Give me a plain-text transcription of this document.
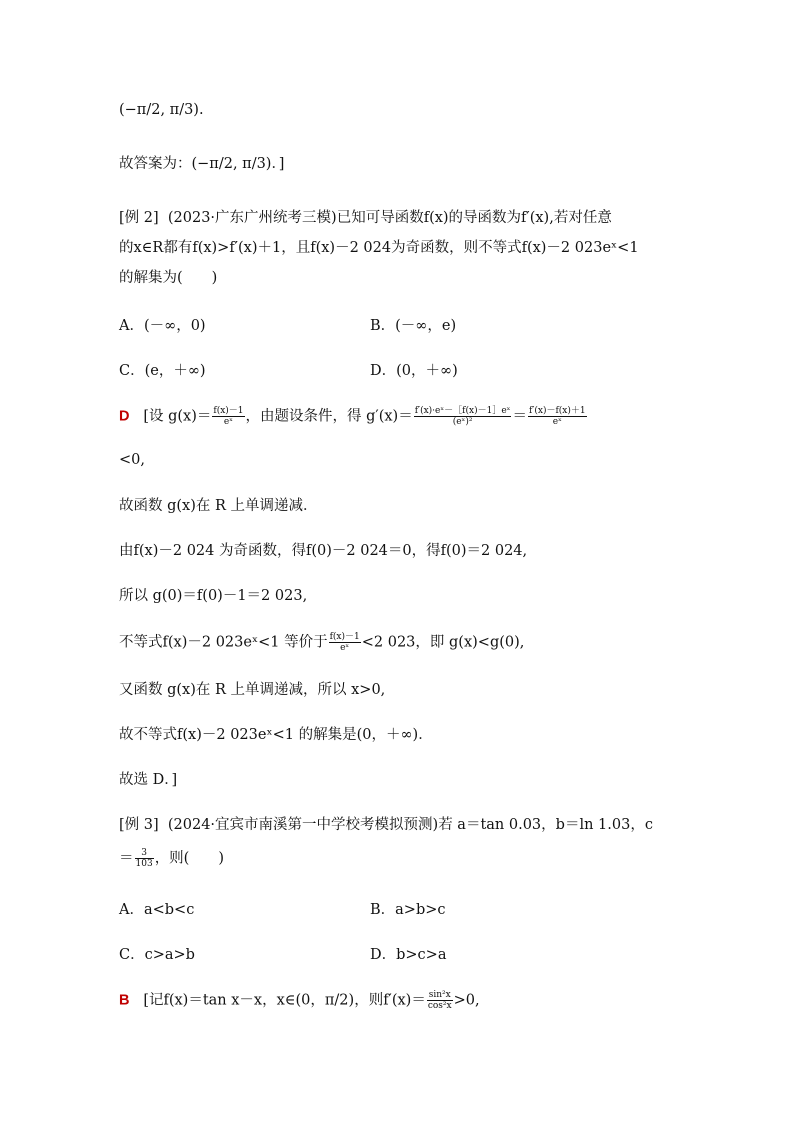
(−π/2, π/3).
故答案为：(−π/2, π/3)．]
[例 2] (2023·广东广州统考三模)已知可导函数f(x)的导函数为f′(x),若对任意
的x∈R都有f(x)>f′(x)＋1，且f(x)－2 024为奇函数，则不等式f(x)－2 023eˣ<1
的解集为(　　)
A．(－∞，0)	B．(－∞，e)
C．(e，＋∞)	D．(0，＋∞)
D [设 $g(x)= \frac{f(x)-1}{\text{eˣ}}$ ，由题设条件，得 $g'(x)= \frac{\text{f′(x)·eˣ－［f(x)－1］eˣ}}{\text{(eˣ)²}} = \frac{f'(x)-f(x)+1}{\text{eˣ}}$
<0,
故函数 g(x)在 R 上单调递减．
由f(x)－2 024 为奇函数，得f(0)－2 024＝0，得f(0)＝2 024,
所以 g(0)＝f(0)－1＝2 023,
不等式f(x)－2 023eˣ<1 等价于 $\frac{f(x)-1}{\text{eˣ}} <2$ 023，即 g(x)<g(0),
又函数 g(x)在 R 上单调递减，所以 x>0,
故不等式f(x)－2 023eˣ<1 的解集是(0，＋∞)．
故选 D．]
[例 3] (2024·宜宾市南溪第一中学校考模拟预测)若 a＝tan 0.03，b＝ln 1.03，c
＝ $\frac{3}{103}$ ，则(　　)
A．a<b<c	B．a>b>c
C．c>a>b	D．b>c>a
B [记f(x)＝tan x－x，x∈(0，π/2)，则$f'(x)= \frac{\text{sin²x}}{\text{cos²x}} >0$,
